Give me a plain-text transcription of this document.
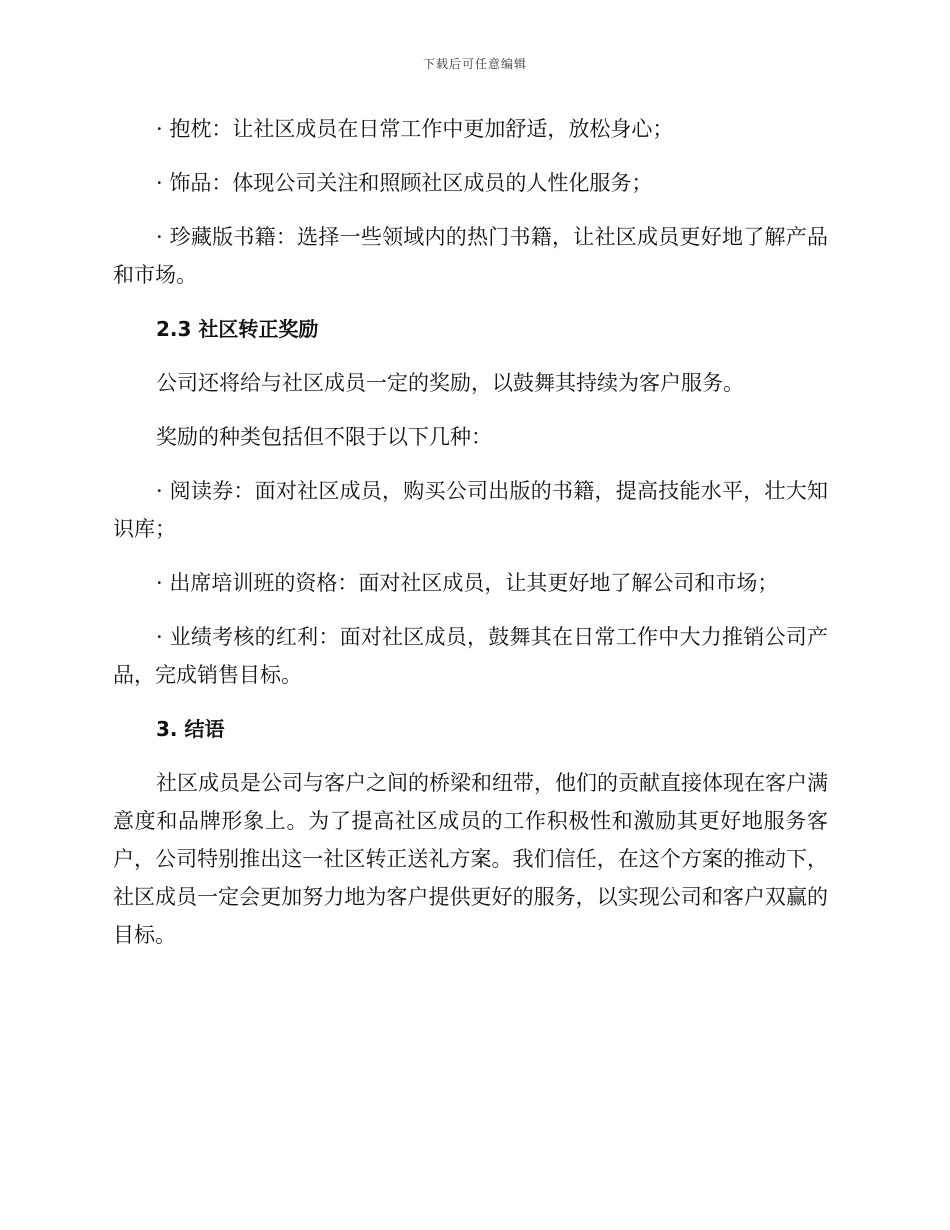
下载后可任意编辑

· 抱枕：让社区成员在日常工作中更加舒适，放松身心；

· 饰品：体现公司关注和照顾社区成员的人性化服务；

· 珍藏版书籍：选择一些领域内的热门书籍，让社区成员更好地了解产品和市场。

2.3 社区转正奖励

公司还将给与社区成员一定的奖励，以鼓舞其持续为客户服务。

奖励的种类包括但不限于以下几种：

· 阅读券：面对社区成员，购买公司出版的书籍，提高技能水平，壮大知识库；

· 出席培训班的资格：面对社区成员，让其更好地了解公司和市场；

· 业绩考核的红利：面对社区成员，鼓舞其在日常工作中大力推销公司产品，完成销售目标。

3. 结语

社区成员是公司与客户之间的桥梁和纽带，他们的贡献直接体现在客户满意度和品牌形象上。为了提高社区成员的工作积极性和激励其更好地服务客户，公司特别推出这一社区转正送礼方案。我们信任，在这个方案的推动下，社区成员一定会更加努力地为客户提供更好的服务，以实现公司和客户双赢的目标。
